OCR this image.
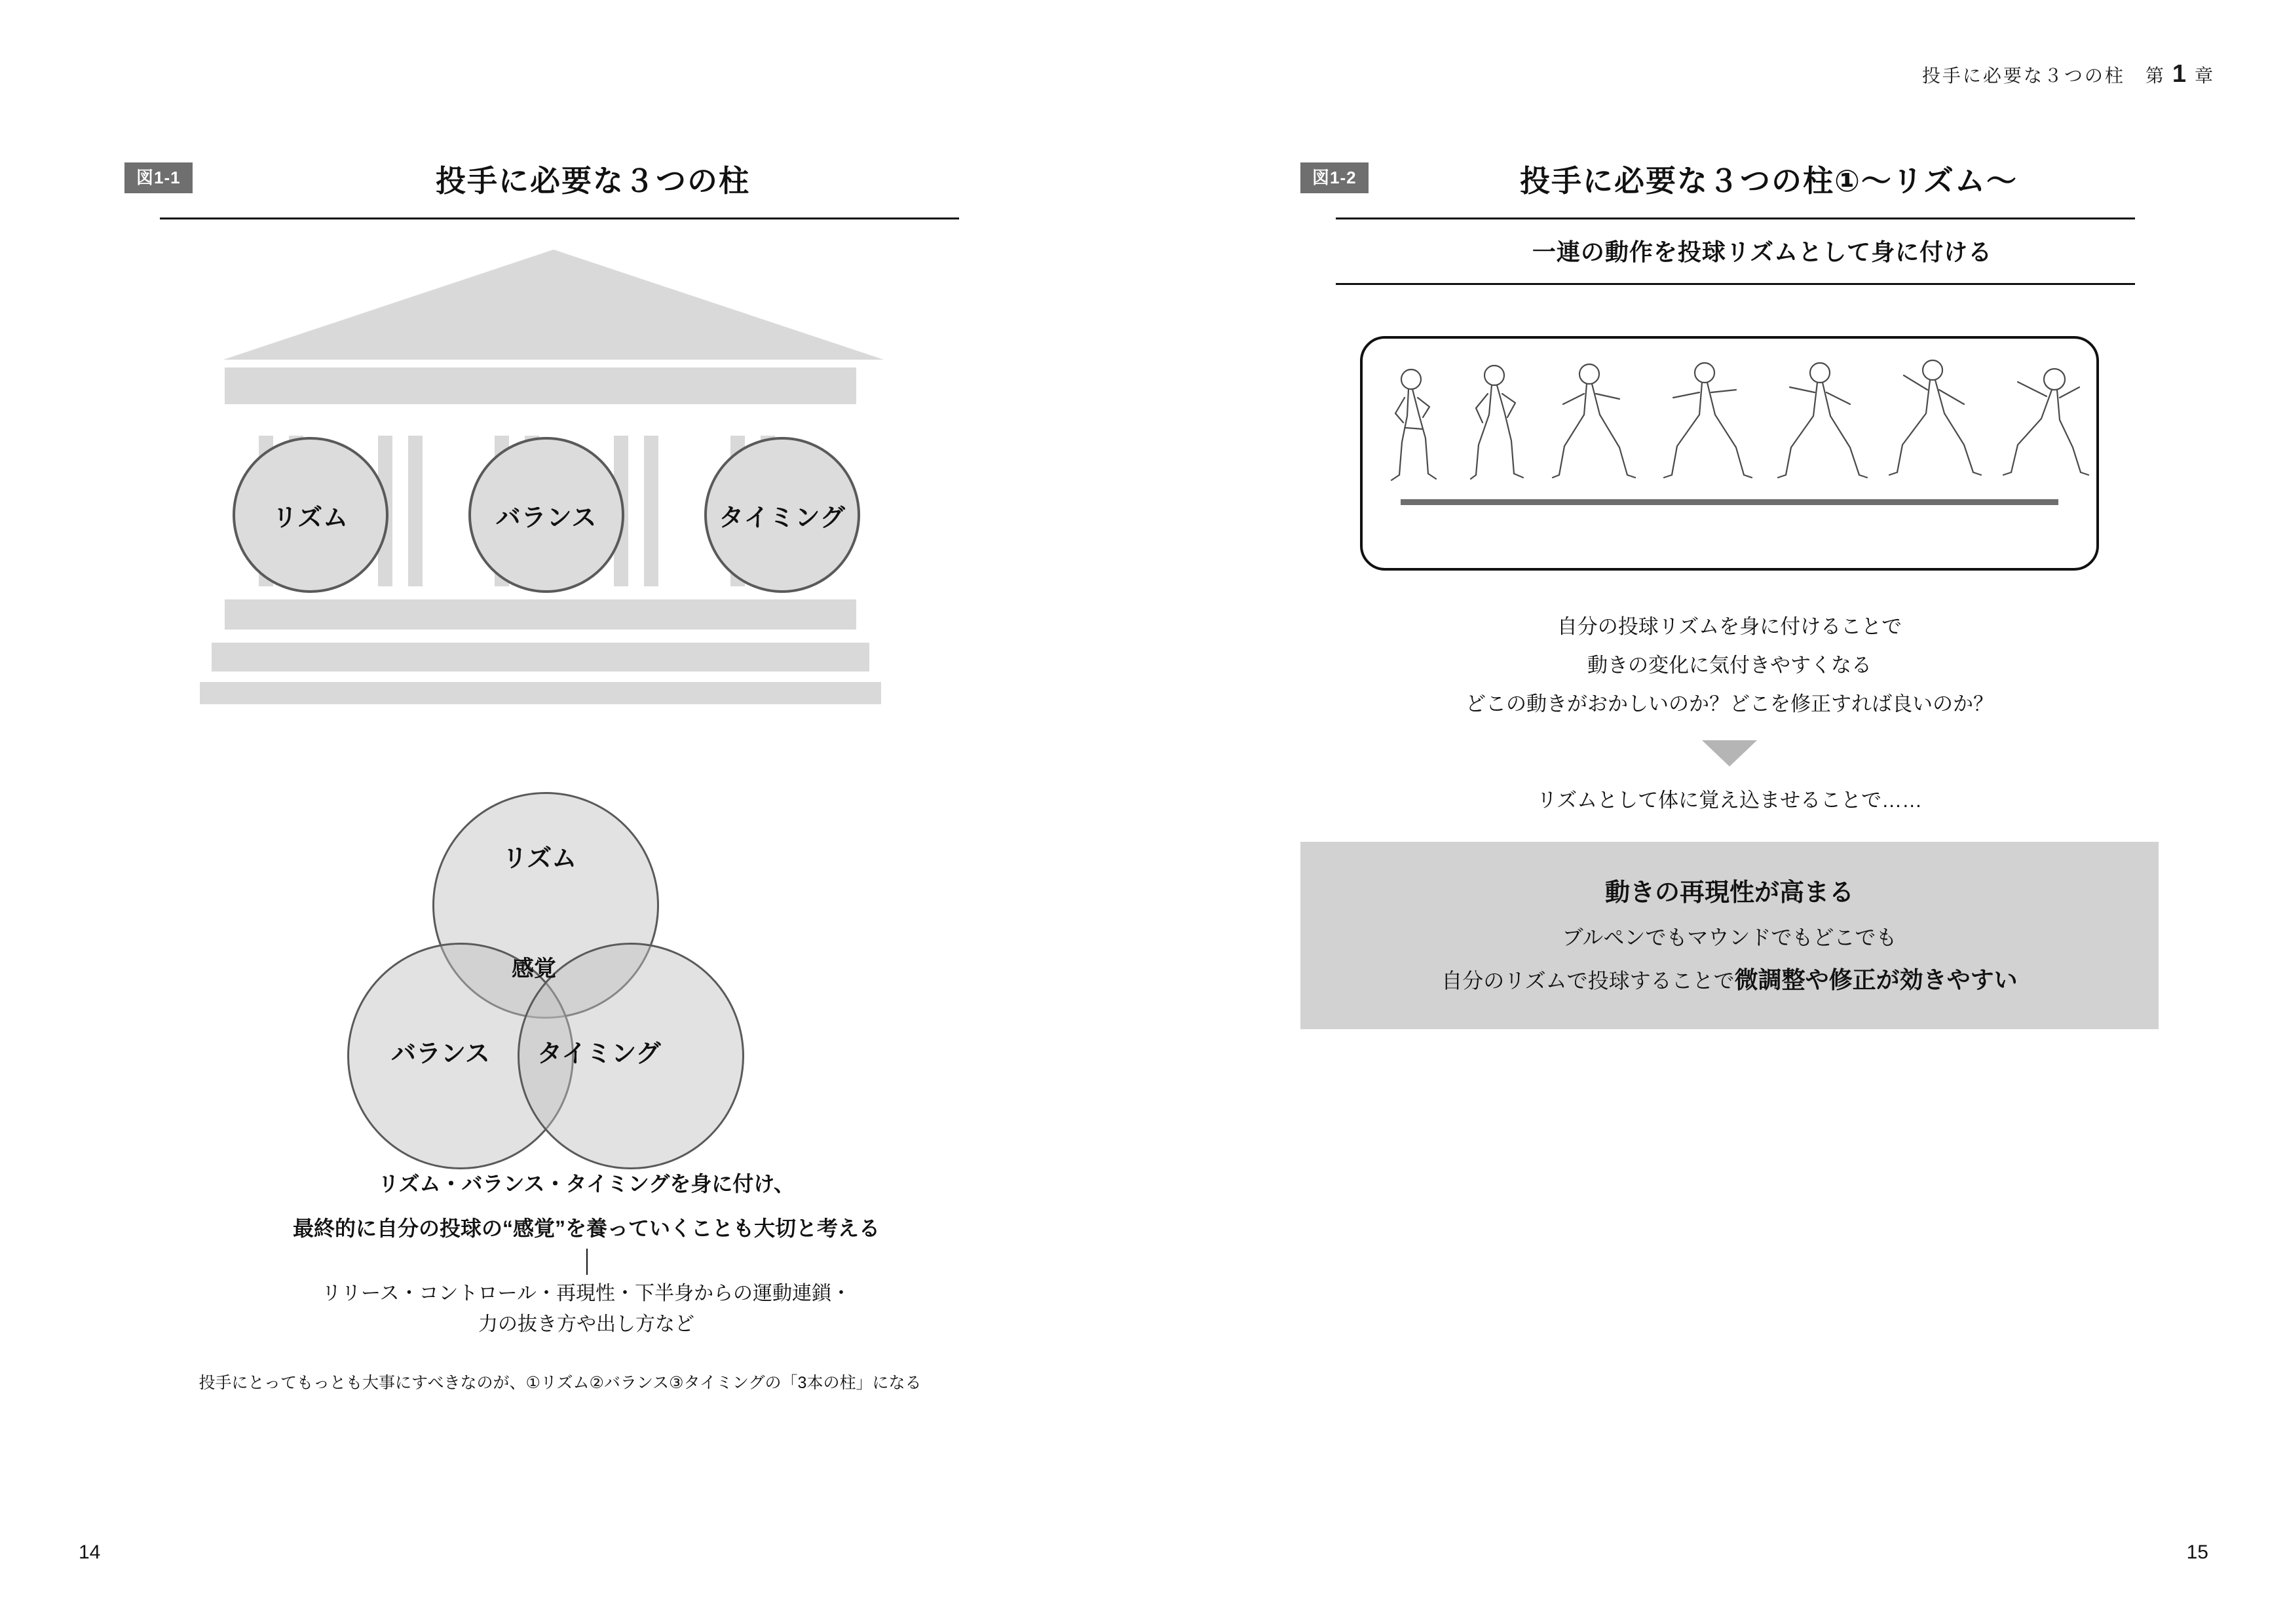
投手に必要な３つの柱　第 1 章
図1-1	投手に必要な３つの柱
リズム	バランス	タイミング
リズム
感覚
バランス タイミング
リズム・バランス・タイミングを身に付け、
最終的に自分の投球の“感覚”を養っていくことも大切と考える
リリース・コントロール・再現性・下半身からの運動連鎖・
力の抜き方や出し方など
投手にとってもっとも大事にすべきなのが、①リズム②バランス③タイミングの「3本の柱」になる
図1-2	投手に必要な３つの柱①〜リズム〜
一連の動作を投球リズムとして身に付ける
自分の投球リズムを身に付けることで
動きの変化に気付きやすくなる
どこの動きがおかしいのか？どこを修正すれば良いのか？
リズムとして体に覚え込ませることで……
動きの再現性が高まる
ブルペンでもマウンドでもどこでも
自分のリズムで投球することで微調整や修正が効きやすい
14	15
